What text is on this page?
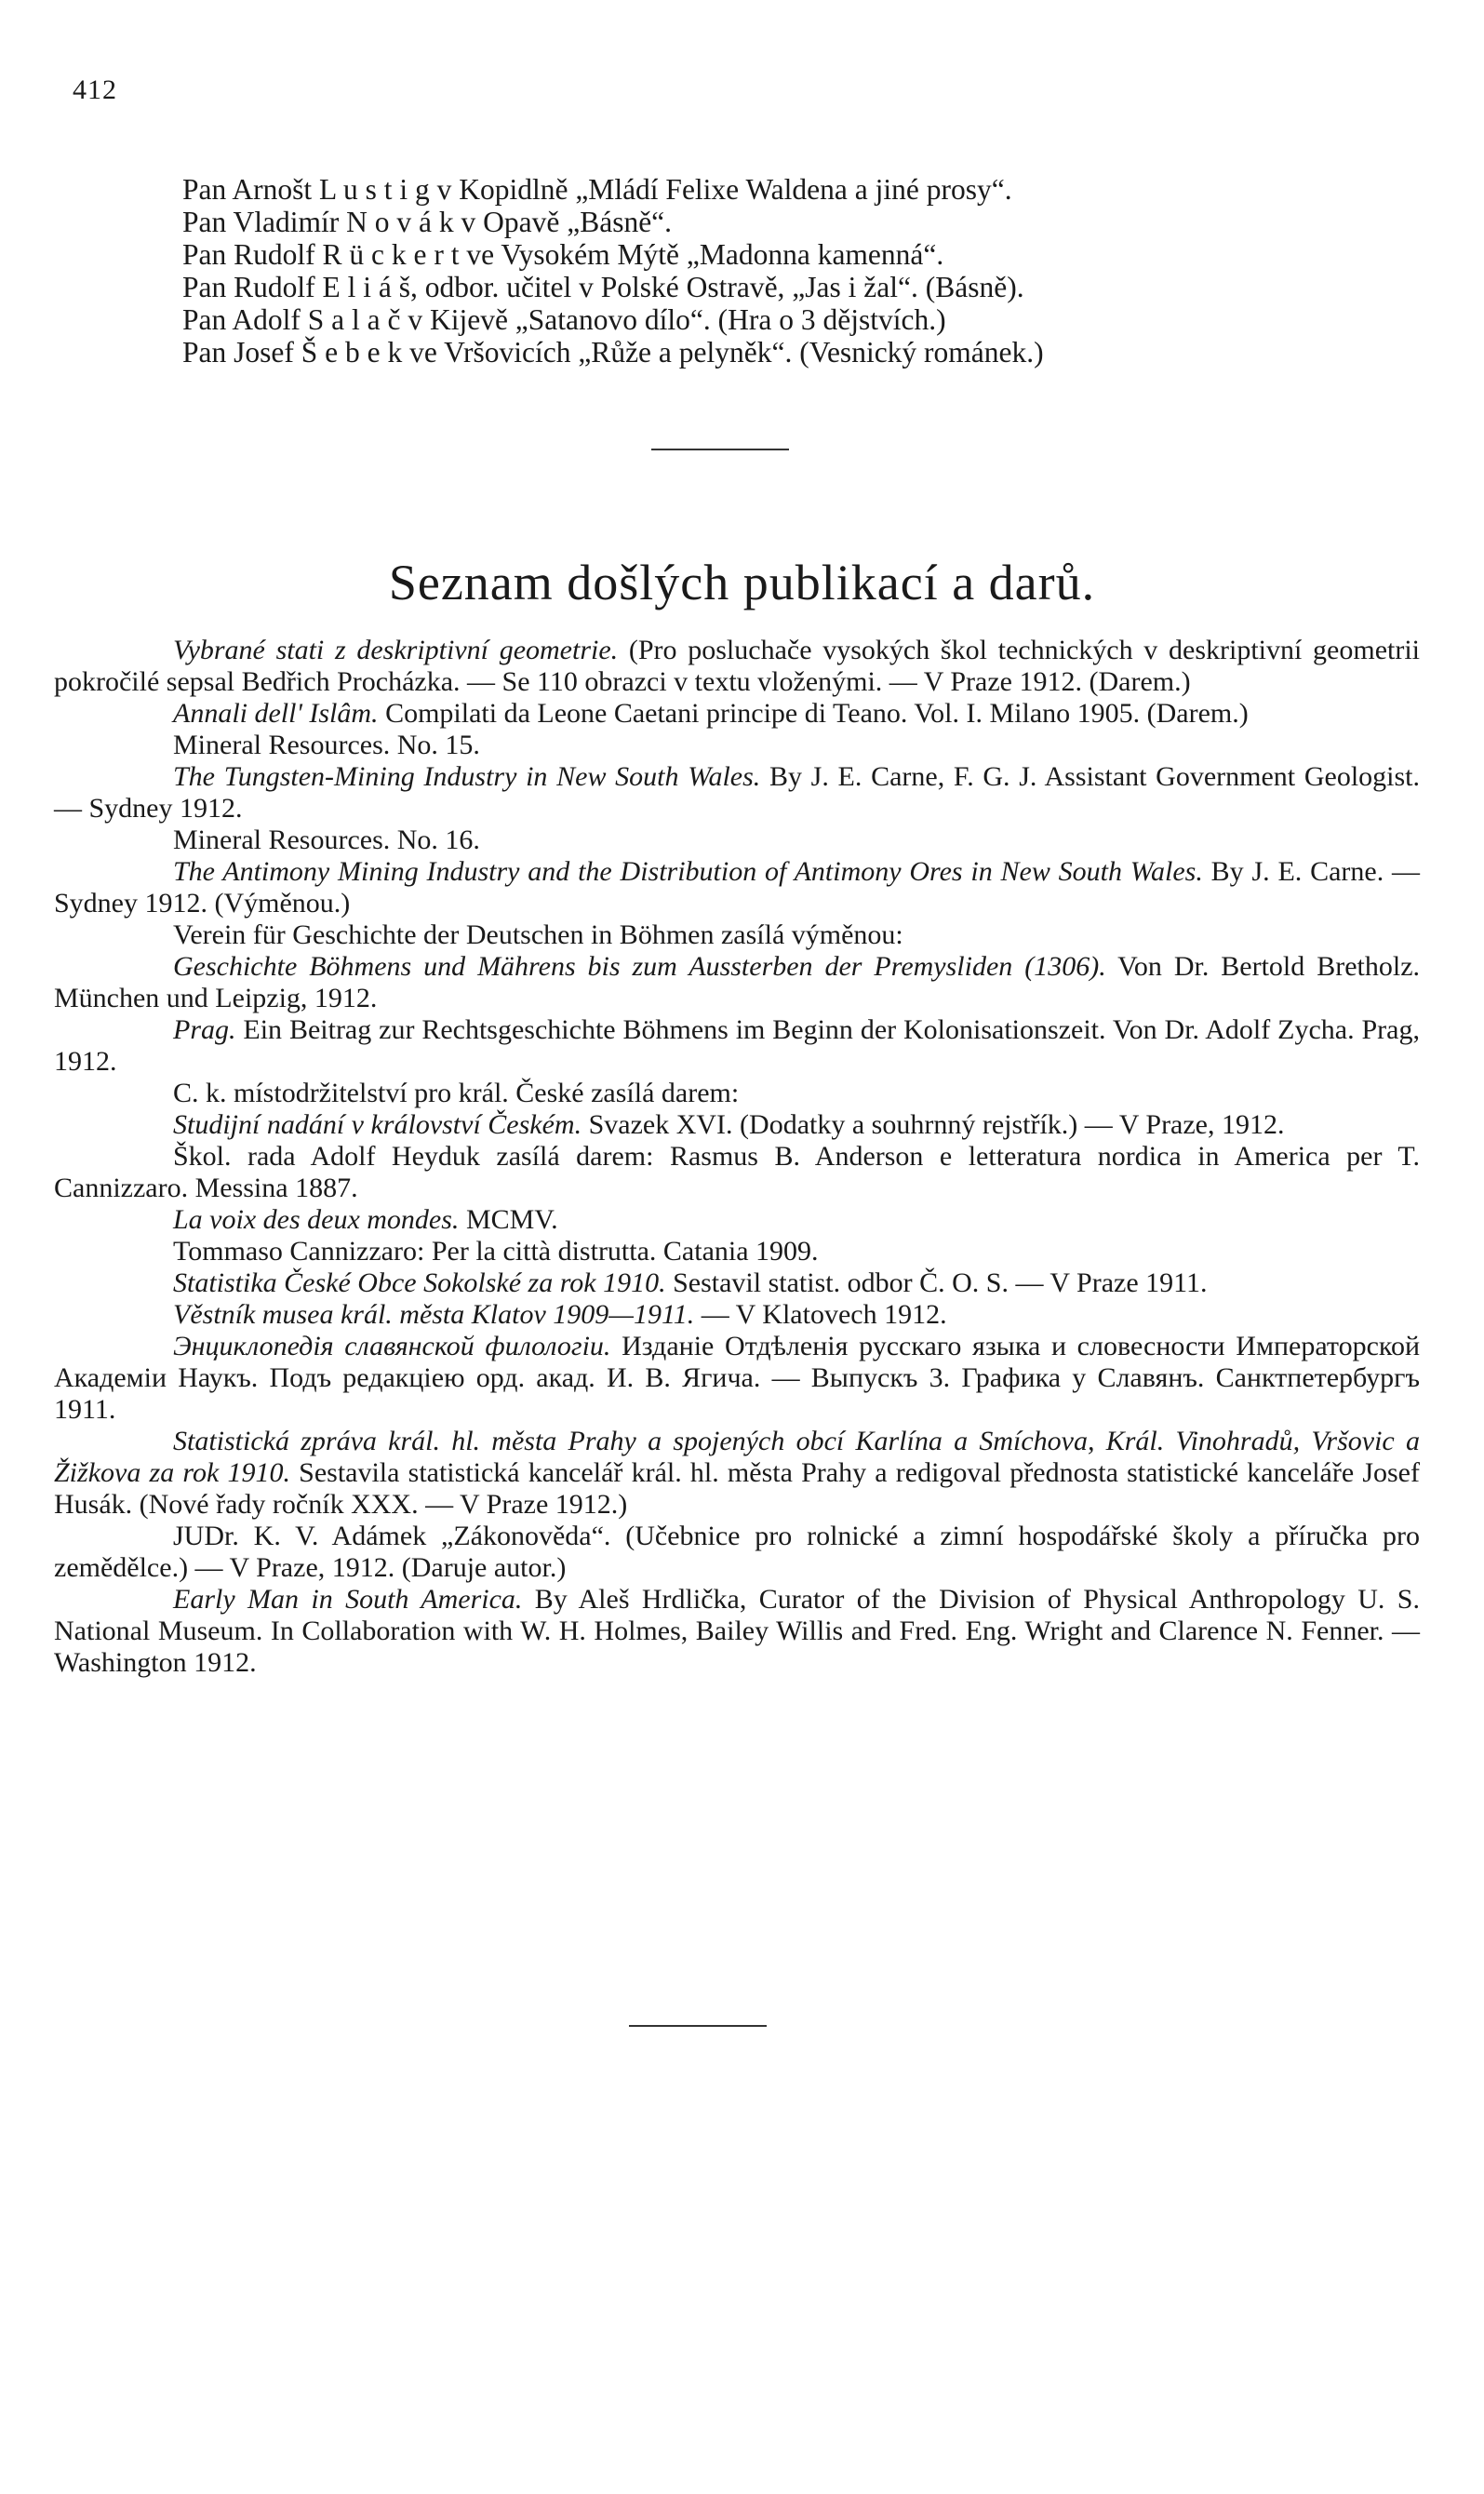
412
Pan Arnošt L u s t i g v Kopidlně „Mládí Felixe Waldena a jiné prosy“.
Pan Vladimír N o v á k v Opavě „Básně“.
Pan Rudolf R ü c k e r t ve Vysokém Mýtě „Madonna kamenná“.
Pan Rudolf E l i á š, odbor. učitel v Polské Ostravě, „Jas i žal“. (Básně).
Pan Adolf S a l a č v Kijevě „Satanovo dílo“. (Hra o 3 dějstvích.)
Pan Josef Š e b e k ve Vršovicích „Růže a pelyněk“. (Vesnický románek.)
Seznam došlých publikací a darů.

Vybrané stati z deskriptivní geometrie. (Pro posluchače vysokých škol technických v deskriptivní geometrii pokročilé sepsal Bedřich Procházka. — Se 110 obrazci v textu vloženými. — V Praze 1912. (Darem.)

Annali dell' Islâm. Compilati da Leone Caetani principe di Teano. Vol. I. Milano 1905. (Darem.)

Mineral Resources. No. 15.

The Tungsten-Mining Industry in New South Wales. By J. E. Carne, F. G. J. Assistant Government Geologist. — Sydney 1912.

Mineral Resources. No. 16.

The Antimony Mining Industry and the Distribution of Antimony Ores in New South Wales. By J. E. Carne. — Sydney 1912. (Výměnou.)

Verein für Geschichte der Deutschen in Böhmen zasílá výměnou:

Geschichte Böhmens und Mährens bis zum Aussterben der Premysliden (1306). Von Dr. Bertold Bretholz. München und Leipzig, 1912.

Prag. Ein Beitrag zur Rechtsgeschichte Böhmens im Beginn der Kolonisationszeit. Von Dr. Adolf Zycha. Prag, 1912.

C. k. místodržitelství pro král. České zasílá darem:

Studijní nadání v království Českém. Svazek XVI. (Dodatky a souhrnný rejstřík.) — V Praze, 1912.

Škol. rada Adolf Heyduk zasílá darem: Rasmus B. Anderson e letteratura nordica in America per T. Cannizzaro. Messina 1887.

La voix des deux mondes. MCMV.

Tommaso Cannizzaro: Per la città distrutta. Catania 1909.

Statistika České Obce Sokolské za rok 1910. Sestavil statist. odbor Č. O. S. — V Praze 1911.

Věstník musea král. města Klatov 1909—1911. — V Klatovech 1912.

Энциклопедія славянской филологіи. Изданіе Отдѣленія русскаго языка и словесности Императорской Академіи Наукъ. Подъ редакціею орд. акад. И. В. Ягича. — Выпускъ 3. Графика у Славянъ. Санктпетербургъ 1911.

Statistická zpráva král. hl. města Prahy a spojených obcí Karlína a Smíchova, Král. Vinohradů, Vršovic a Žižkova za rok 1910. Sestavila statistická kancelář král. hl. města Prahy a redigoval přednosta statistické kanceláře Josef Husák. (Nové řady ročník XXX. — V Praze 1912.)

JUDr. K. V. Adámek „Zákonověda“. (Učebnice pro rolnické a zimní hospodářské školy a příručka pro zemědělce.) — V Praze, 1912. (Daruje autor.)

Early Man in South America. By Aleš Hrdlička, Curator of the Division of Physical Anthropology U. S. National Museum. In Collaboration with W. H. Holmes, Bailey Willis and Fred. Eng. Wright and Clarence N. Fenner. — Washington 1912.
